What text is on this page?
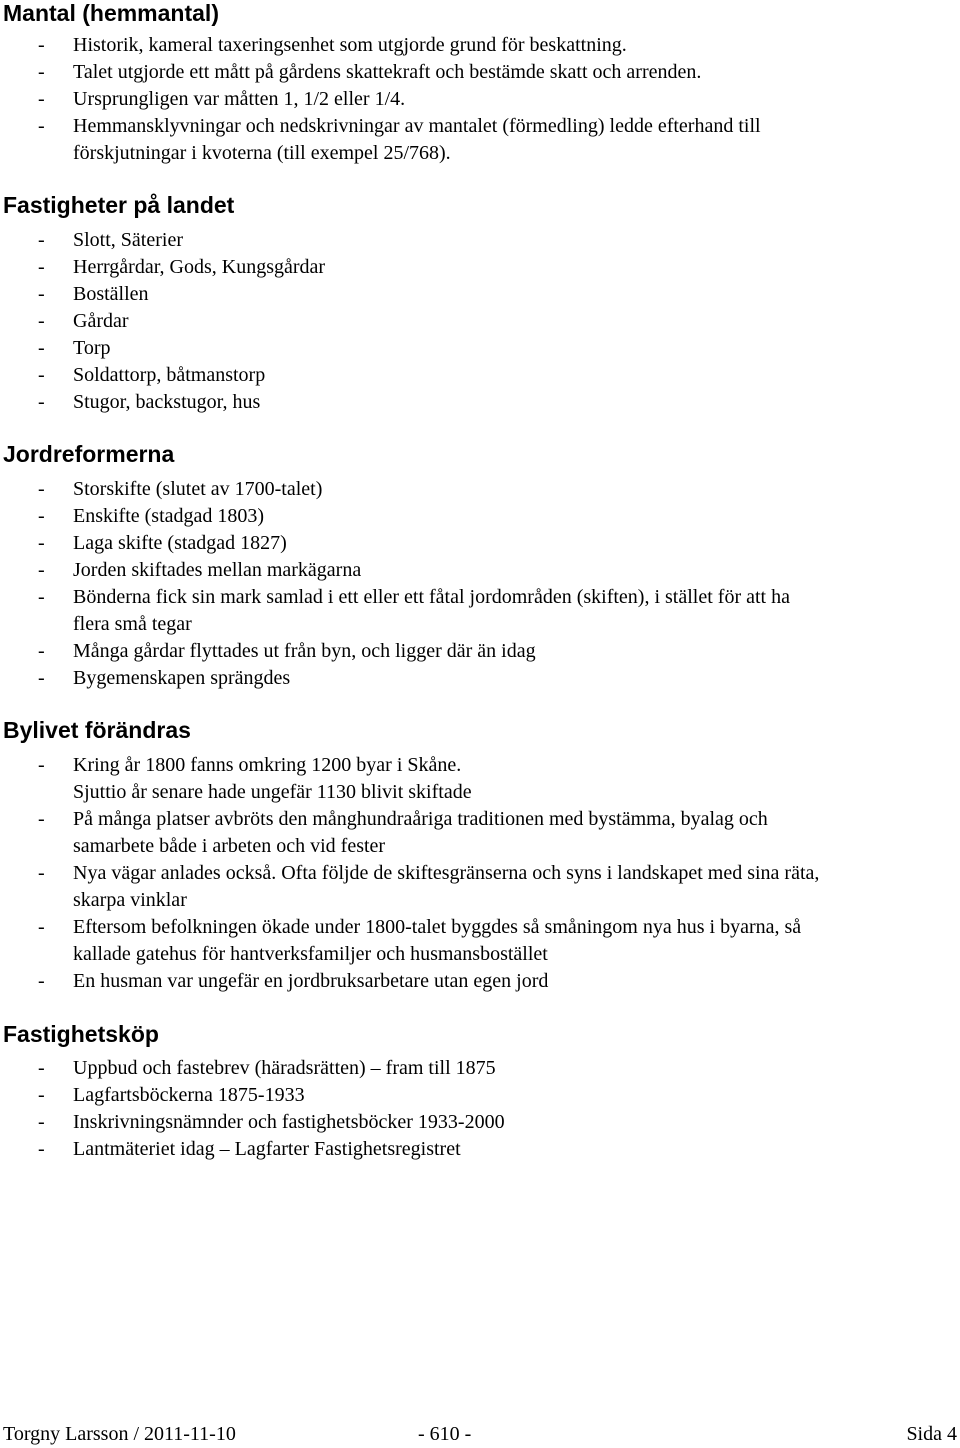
Mantal (hemmantal)
- Historik, kameral taxeringsenhet som utgjorde grund för beskattning.
- Talet utgjorde ett mått på gårdens skattekraft och bestämde skatt och arrenden.
- Ursprungligen var måtten 1, 1/2 eller 1/4.
- Hemmansklyvningar och nedskrivningar av mantalet (förmedling) ledde efterhand till
förskjutningar i kvoterna (till exempel 25/768).
Fastigheter på landet
- Slott, Säterier
- Herrgårdar, Gods, Kungsgårdar
- Boställen
- Gårdar
- Torp
- Soldattorp, båtmanstorp
- Stugor, backstugor, hus
Jordreformerna
- Storskifte (slutet av 1700-talet)
- Enskifte (stadgad 1803)
- Laga skifte (stadgad 1827)
- Jorden skiftades mellan markägarna
- Bönderna fick sin mark samlad i ett eller ett fåtal jordområden (skiften), i stället för att ha
flera små tegar
- Många gårdar flyttades ut från byn, och ligger där än idag
- Bygemenskapen sprängdes
Bylivet förändras
- Kring år 1800 fanns omkring 1200 byar i Skåne.
Sjuttio år senare hade ungefär 1130 blivit skiftade
- På många platser avbröts den månghundraåriga traditionen med bystämma, byalag och
samarbete både i arbeten och vid fester
- Nya vägar anlades också. Ofta följde de skiftesgränserna och syns i landskapet med sina räta,
skarpa vinklar
- Eftersom befolkningen ökade under 1800-talet byggdes så småningom nya hus i byarna, så
kallade gatehus för hantverksfamiljer och husmansbostället
- En husman var ungefär en jordbruksarbetare utan egen jord
Fastighetsköp
- Uppbud och fastebrev (häradsrätten) – fram till 1875
- Lagfartsböckerna 1875-1933
- Inskrivningsnämnder och fastighetsböcker 1933-2000
- Lantmäteriet idag – Lagfarter Fastighetsregistret
Torgny Larsson / 2011-11-10	- 610 -	Sida 4
